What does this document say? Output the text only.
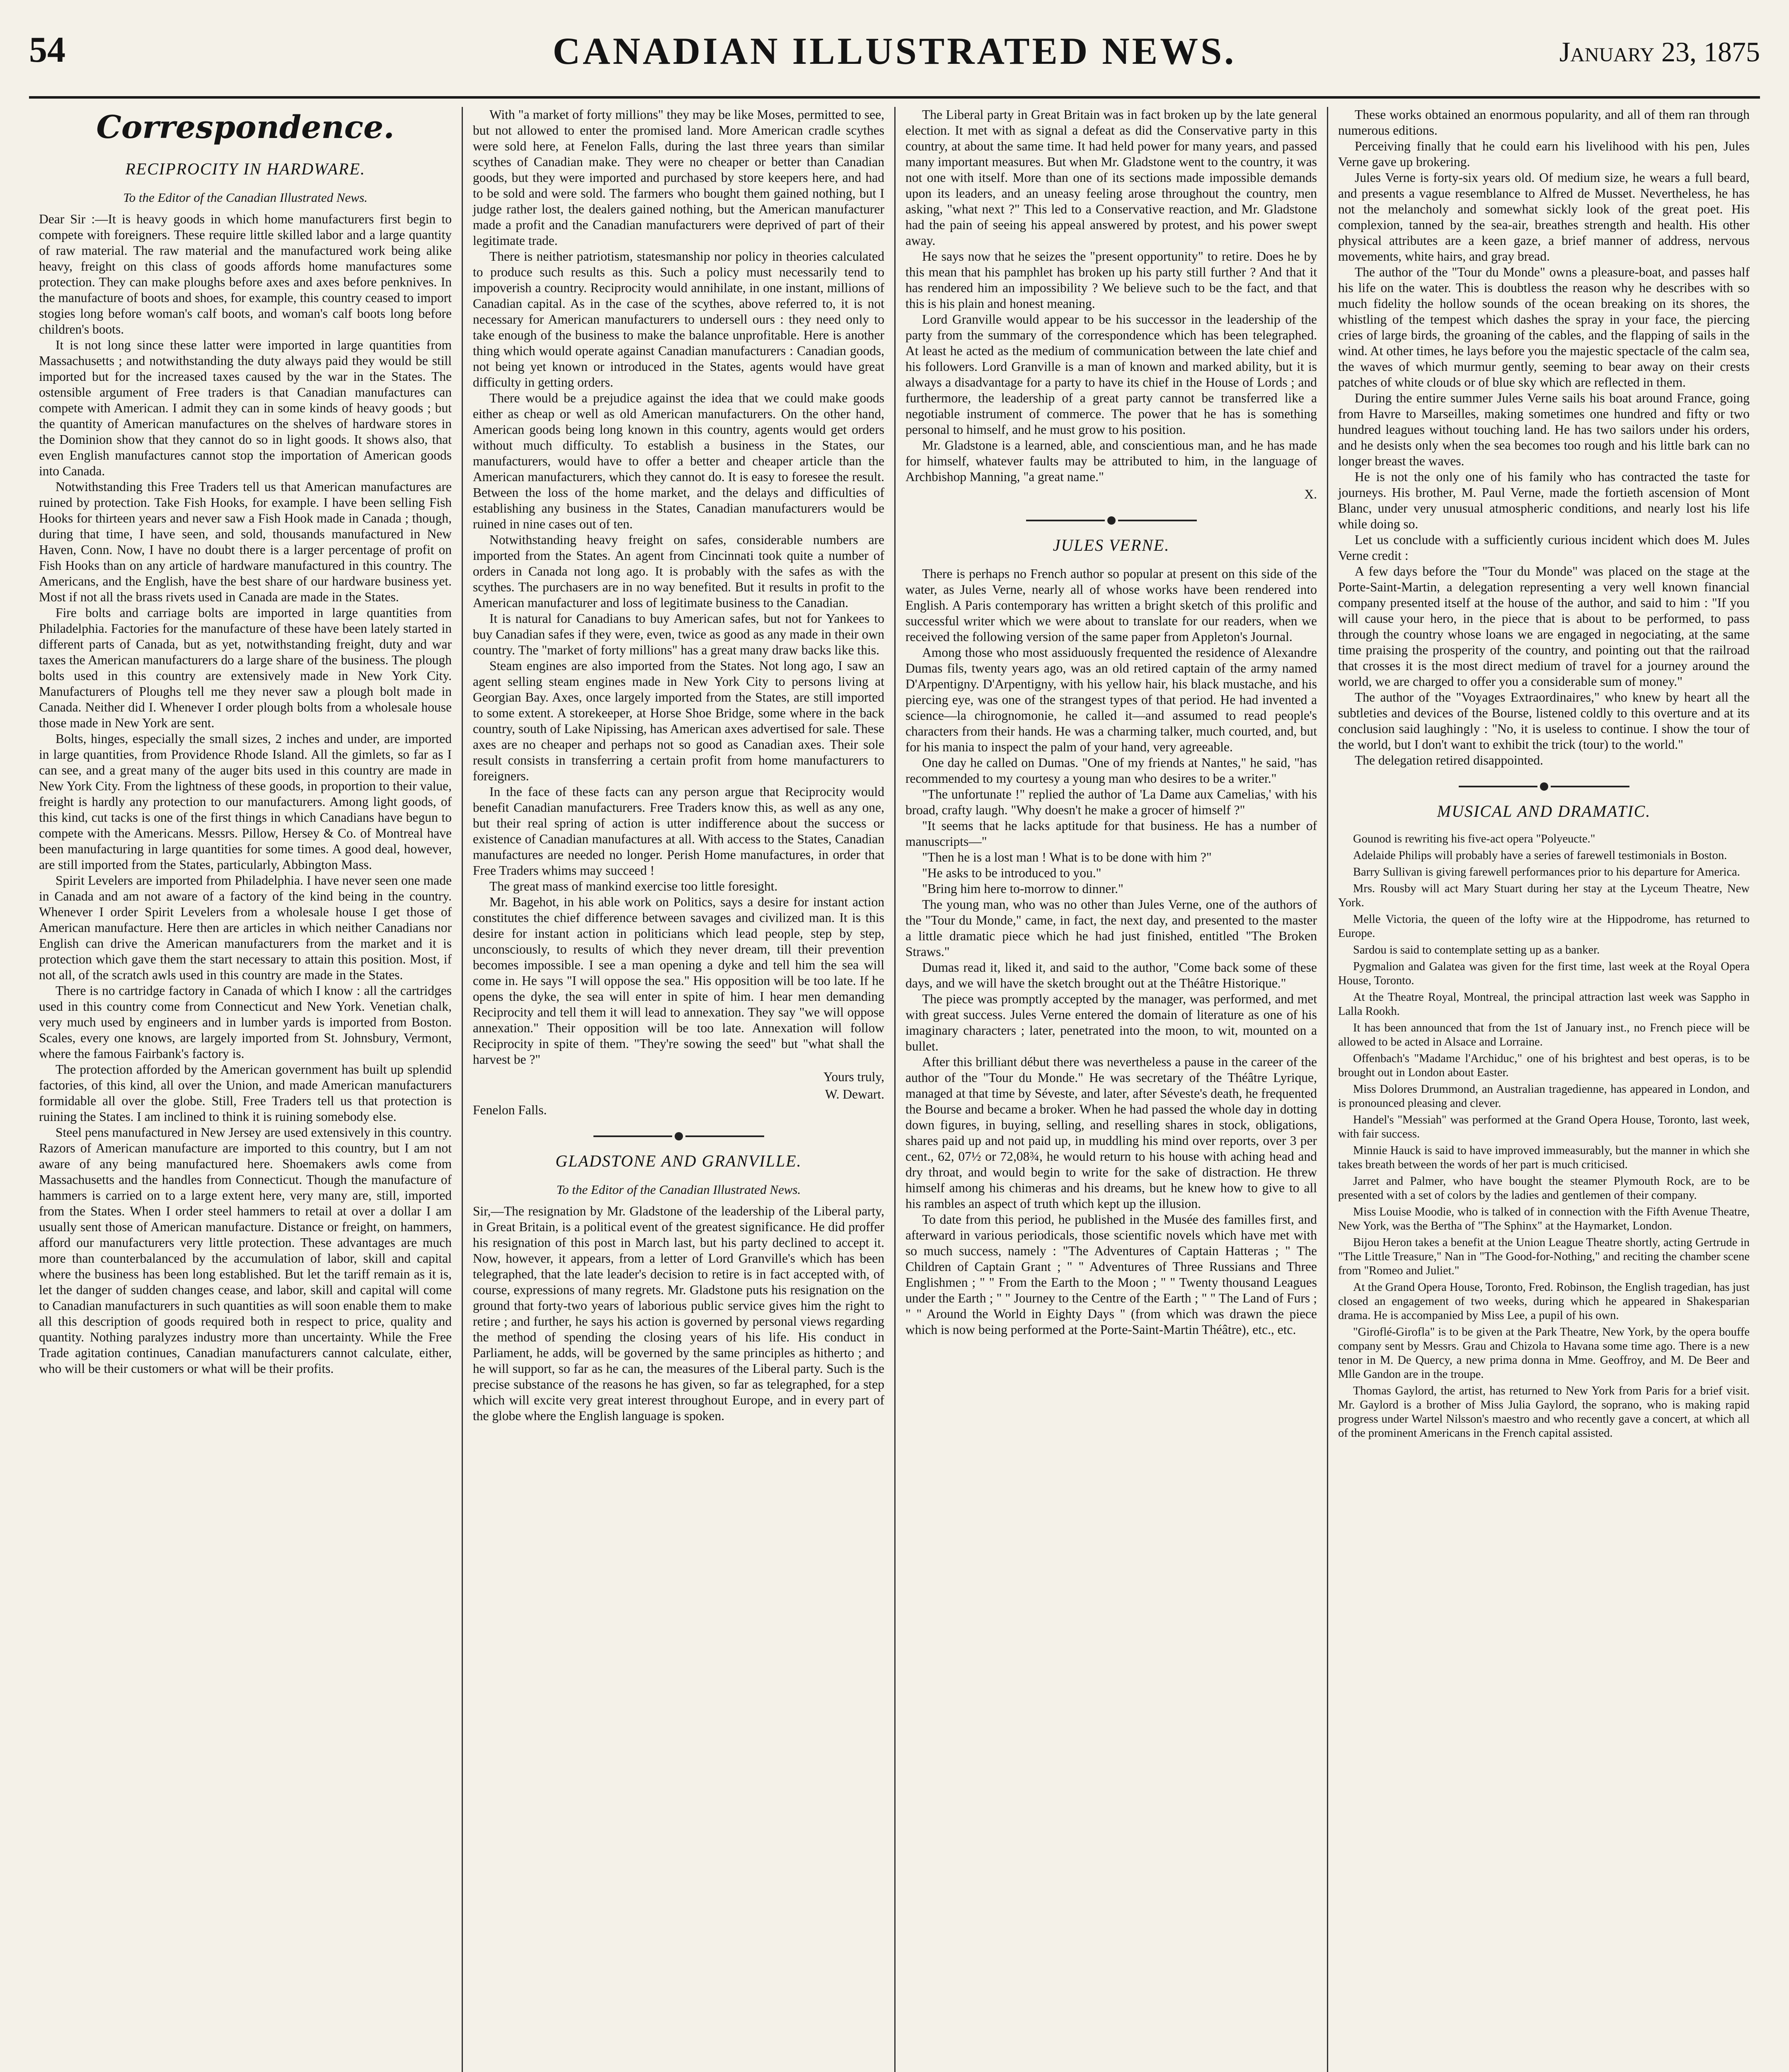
54	CANADIAN ILLUSTRATED NEWS.	January 23, 1875
Correspondence.
RECIPROCITY IN HARDWARE.
To the Editor of the Canadian Illustrated News.

Dear Sir :—It is heavy goods in which home manufacturers first begin to compete with foreigners. These require little skilled labor and a large quantity of raw material. The raw material and the manufactured work being alike heavy, freight on this class of goods affords home manufactures some protection. They can make ploughs before axes and axes before penknives. In the manufacture of boots and shoes, for example, this country ceased to import stogies long before woman's calf boots, and woman's calf boots long before children's boots.

It is not long since these latter were imported in large quantities from Massachusetts ; and notwithstanding the duty always paid they would be still imported but for the increased taxes caused by the war in the States. The ostensible argument of Free traders is that Canadian manufactures can compete with American. I admit they can in some kinds of heavy goods ; but the quantity of American manufactures on the shelves of hardware stores in the Dominion show that they cannot do so in light goods. It shows also, that even English manufactures cannot stop the importation of American goods into Canada.

Notwithstanding this Free Traders tell us that American manufactures are ruined by protection. Take Fish Hooks, for example. I have been selling Fish Hooks for thirteen years and never saw a Fish Hook made in Canada ; though, during that time, I have seen, and sold, thousands manufactured in New Haven, Conn. Now, I have no doubt there is a larger percentage of profit on Fish Hooks than on any article of hardware manufactured in this country. The Americans, and the English, have the best share of our hardware business yet. Most if not all the brass rivets used in Canada are made in the States.

Fire bolts and carriage bolts are imported in large quantities from Philadelphia. Factories for the manufacture of these have been lately started in different parts of Canada, but as yet, notwithstanding freight, duty and war taxes the American manufacturers do a large share of the business. The plough bolts used in this country are extensively made in New York City. Manufacturers of Ploughs tell me they never saw a plough bolt made in Canada. Neither did I. Whenever I order plough bolts from a wholesale house those made in New York are sent.

Bolts, hinges, especially the small sizes, 2 inches and under, are imported in large quantities, from Providence Rhode Island. All the gimlets, so far as I can see, and a great many of the auger bits used in this country are made in New York City. From the lightness of these goods, in proportion to their value, freight is hardly any protection to our manufacturers. Among light goods, of this kind, cut tacks is one of the first things in which Canadians have begun to compete with the Americans. Messrs. Pillow, Hersey & Co. of Montreal have been manufacturing in large quantities for some times. A good deal, however, are still imported from the States, particularly, Abbington Mass.

Spirit Levelers are imported from Philadelphia. I have never seen one made in Canada and am not aware of a factory of the kind being in the country. Whenever I order Spirit Levelers from a wholesale house I get those of American manufacture. Here then are articles in which neither Canadians nor English can drive the American manufacturers from the market and it is protection which gave them the start necessary to attain this position. Most, if not all, of the scratch awls used in this country are made in the States.

There is no cartridge factory in Canada of which I know : all the cartridges used in this country come from Connecticut and New York. Venetian chalk, very much used by engineers and in lumber yards is imported from Boston. Scales, every one knows, are largely imported from St. Johnsbury, Vermont, where the famous Fairbank's factory is.

The protection afforded by the American government has built up splendid factories, of this kind, all over the Union, and made American manufacturers formidable all over the globe. Still, Free Traders tell us that protection is ruining the States. I am inclined to think it is ruining somebody else.

Steel pens manufactured in New Jersey are used extensively in this country. Razors of American manufacture are imported to this country, but I am not aware of any being manufactured here. Shoemakers awls come from Massachusetts and the handles from Connecticut. Though the manufacture of hammers is carried on to a large extent here, very many are, still, imported from the States. When I order steel hammers to retail at over a dollar I am usually sent those of American manufacture. Distance or freight, on hammers, afford our manufacturers very little protection. These advantages are much more than counterbalanced by the accumulation of labor, skill and capital where the business has been long established. But let the tariff remain as it is, let the danger of sudden changes cease, and labor, skill and capital will come to Canadian manufacturers in such quantities as will soon enable them to make all this description of goods required both in respect to price, quality and quantity. Nothing paralyzes industry more than uncertainty. While the Free Trade agitation continues, Canadian manufacturers cannot calculate, either, who will be their customers or what will be their profits.

With "a market of forty millions" they may be like Moses, permitted to see, but not allowed to enter the promised land. More American cradle scythes were sold here, at Fenelon Falls, during the last three years than similar scythes of Canadian make. They were no cheaper or better than Canadian goods, but they were imported and purchased by store keepers here, and had to be sold and were sold. The farmers who bought them gained nothing, but I judge rather lost, the dealers gained nothing, but the American manufacturer made a profit and the Canadian manufacturers were deprived of part of their legitimate trade.

There is neither patriotism, statesmanship nor policy in theories calculated to produce such results as this. Such a policy must necessarily tend to impoverish a country. Reciprocity would annihilate, in one instant, millions of Canadian capital. As in the case of the scythes, above referred to, it is not necessary for American manufacturers to undersell ours : they need only to take enough of the business to make the balance unprofitable. Here is another thing which would operate against Canadian manufacturers : Canadian goods, not being yet known or introduced in the States, agents would have great difficulty in getting orders.

There would be a prejudice against the idea that we could make goods either as cheap or well as old American manufacturers. On the other hand, American goods being long known in this country, agents would get orders without much difficulty. To establish a business in the States, our manufacturers, would have to offer a better and cheaper article than the American manufacturers, which they cannot do. It is easy to foresee the result. Between the loss of the home market, and the delays and difficulties of establishing any business in the States, Canadian manufacturers would be ruined in nine cases out of ten.

Notwithstanding heavy freight on safes, considerable numbers are imported from the States. An agent from Cincinnati took quite a number of orders in Canada not long ago. It is probably with the safes as with the scythes. The purchasers are in no way benefited. But it results in profit to the American manufacturer and loss of legitimate business to the Canadian.

It is natural for Canadians to buy American safes, but not for Yankees to buy Canadian safes if they were, even, twice as good as any made in their own country. The "market of forty millions" has a great many draw backs like this.

Steam engines are also imported from the States. Not long ago, I saw an agent selling steam engines made in New York City to persons living at Georgian Bay. Axes, once largely imported from the States, are still imported to some extent. A storekeeper, at Horse Shoe Bridge, some where in the back country, south of Lake Nipissing, has American axes advertised for sale. These axes are no cheaper and perhaps not so good as Canadian axes. Their sole result consists in transferring a certain profit from home manufacturers to foreigners.

In the face of these facts can any person argue that Reciprocity would benefit Canadian manufacturers. Free Traders know this, as well as any one, but their real spring of action is utter indifference about the success or existence of Canadian manufactures at all. With access to the States, Canadian manufactures are needed no longer. Perish Home manufactures, in order that Free Traders whims may succeed !

The great mass of mankind exercise too little foresight.

Mr. Bagehot, in his able work on Politics, says a desire for instant action constitutes the chief difference between savages and civilized man. It is this desire for instant action in politicians which lead people, step by step, unconsciously, to results of which they never dream, till their prevention becomes impossible. I see a man opening a dyke and tell him the sea will come in. He says "I will oppose the sea." His opposition will be too late. If he opens the dyke, the sea will enter in spite of him. I hear men demanding Reciprocity and tell them it will lead to annexation. They say "we will oppose annexation." Their opposition will be too late. Annexation will follow Reciprocity in spite of them. "They're sowing the seed" but "what shall the harvest be ?"

Yours truly,

W. Dewart.

Fenelon Falls.

GLADSTONE AND GRANVILLE.
To the Editor of the Canadian Illustrated News.

Sir,—The resignation by Mr. Gladstone of the leadership of the Liberal party, in Great Britain, is a political event of the greatest significance. He did proffer his resignation of this post in March last, but his party declined to accept it. Now, however, it appears, from a letter of Lord Granville's which has been telegraphed, that the late leader's decision to retire is in fact accepted with, of course, expressions of many regrets. Mr. Gladstone puts his resignation on the ground that forty-two years of laborious public service gives him the right to retire ; and further, he says his action is governed by personal views regarding the method of spending the closing years of his life. His conduct in Parliament, he adds, will be governed by the same principles as hitherto ; and he will support, so far as he can, the measures of the Liberal party. Such is the precise substance of the reasons he has given, so far as telegraphed, for a step which will excite very great interest throughout Europe, and in every part of the globe where the English language is spoken.

The Liberal party in Great Britain was in fact broken up by the late general election. It met with as signal a defeat as did the Conservative party in this country, at about the same time. It had held power for many years, and passed many important measures. But when Mr. Gladstone went to the country, it was not one with itself. More than one of its sections made impossible demands upon its leaders, and an uneasy feeling arose throughout the country, men asking, "what next ?" This led to a Conservative reaction, and Mr. Gladstone had the pain of seeing his appeal answered by protest, and his power swept away.

He says now that he seizes the "present opportunity" to retire. Does he by this mean that his pamphlet has broken up his party still further ? And that it has rendered him an impossibility ? We believe such to be the fact, and that this is his plain and honest meaning.

Lord Granville would appear to be his successor in the leadership of the party from the summary of the correspondence which has been telegraphed. At least he acted as the medium of communication between the late chief and his followers. Lord Granville is a man of known and marked ability, but it is always a disadvantage for a party to have its chief in the House of Lords ; and furthermore, the leadership of a great party cannot be transferred like a negotiable instrument of commerce. The power that he has is something personal to himself, and he must grow to his position.

Mr. Gladstone is a learned, able, and conscientious man, and he has made for himself, whatever faults may be attributed to him, in the language of Archbishop Manning, "a great name."

X.

JULES VERNE.

There is perhaps no French author so popular at present on this side of the water, as Jules Verne, nearly all of whose works have been rendered into English. A Paris contemporary has written a bright sketch of this prolific and successful writer which we were about to translate for our readers, when we received the following version of the same paper from Appleton's Journal.

Among those who most assiduously frequented the residence of Alexandre Dumas fils, twenty years ago, was an old retired captain of the army named D'Arpentigny. D'Arpentigny, with his yellow hair, his black mustache, and his piercing eye, was one of the strangest types of that period. He had invented a science—la chirognomonie, he called it—and assumed to read people's characters from their hands. He was a charming talker, much courted, and, but for his mania to inspect the palm of your hand, very agreeable.

One day he called on Dumas. "One of my friends at Nantes," he said, "has recommended to my courtesy a young man who desires to be a writer."

"The unfortunate !" replied the author of 'La Dame aux Camelias,' with his broad, crafty laugh. "Why doesn't he make a grocer of himself ?"

"It seems that he lacks aptitude for that business. He has a number of manuscripts—"

"Then he is a lost man ! What is to be done with him ?"

"He asks to be introduced to you."

"Bring him here to-morrow to dinner."

The young man, who was no other than Jules Verne, one of the authors of the "Tour du Monde," came, in fact, the next day, and presented to the master a little dramatic piece which he had just finished, entitled "The Broken Straws."

Dumas read it, liked it, and said to the author, "Come back some of these days, and we will have the sketch brought out at the Théâtre Historique."

The piece was promptly accepted by the manager, was performed, and met with great success. Jules Verne entered the domain of literature as one of his imaginary characters ; later, penetrated into the moon, to wit, mounted on a bullet.

After this brilliant début there was nevertheless a pause in the career of the author of the "Tour du Monde." He was secretary of the Théâtre Lyrique, managed at that time by Séveste, and later, after Séveste's death, he frequented the Bourse and became a broker. When he had passed the whole day in dotting down figures, in buying, selling, and reselling shares in stock, obligations, shares paid up and not paid up, in muddling his mind over reports, over 3 per cent., 62, 07½ or 72,08¾, he would return to his house with aching head and dry throat, and would begin to write for the sake of distraction. He threw himself among his chimeras and his dreams, but he knew how to give to all his rambles an aspect of truth which kept up the illusion.

To date from this period, he published in the Musée des familles first, and afterward in various periodicals, those scientific novels which have met with so much success, namely : "The Adventures of Captain Hatteras ; " The Children of Captain Grant ; " " Adventures of Three Russians and Three Englishmen ; " " From the Earth to the Moon ; " " Twenty thousand Leagues under the Earth ; " " Journey to the Centre of the Earth ; " " The Land of Furs ; " " Around the World in Eighty Days " (from which was drawn the piece which is now being performed at the Porte-Saint-Martin Théâtre), etc., etc.

These works obtained an enormous popularity, and all of them ran through numerous editions.

Perceiving finally that he could earn his livelihood with his pen, Jules Verne gave up brokering.

Jules Verne is forty-six years old. Of medium size, he wears a full beard, and presents a vague resemblance to Alfred de Musset. Nevertheless, he has not the melancholy and somewhat sickly look of the great poet. His complexion, tanned by the sea-air, breathes strength and health. His other physical attributes are a keen gaze, a brief manner of address, nervous movements, white hairs, and gray bread.

The author of the "Tour du Monde" owns a pleasure-boat, and passes half his life on the water. This is doubtless the reason why he describes with so much fidelity the hollow sounds of the ocean breaking on its shores, the whistling of the tempest which dashes the spray in your face, the piercing cries of large birds, the groaning of the cables, and the flapping of sails in the wind. At other times, he lays before you the majestic spectacle of the calm sea, the waves of which murmur gently, seeming to bear away on their crests patches of white clouds or of blue sky which are reflected in them.

During the entire summer Jules Verne sails his boat around France, going from Havre to Marseilles, making sometimes one hundred and fifty or two hundred leagues without touching land. He has two sailors under his orders, and he desists only when the sea becomes too rough and his little bark can no longer breast the waves.

He is not the only one of his family who has contracted the taste for journeys. His brother, M. Paul Verne, made the fortieth ascension of Mont Blanc, under very unusual atmospheric conditions, and nearly lost his life while doing so.

Let us conclude with a sufficiently curious incident which does M. Jules Verne credit :

A few days before the "Tour du Monde" was placed on the stage at the Porte-Saint-Martin, a delegation representing a very well known financial company presented itself at the house of the author, and said to him : "If you will cause your hero, in the piece that is about to be performed, to pass through the country whose loans we are engaged in negociating, at the same time praising the prosperity of the country, and pointing out that the railroad that crosses it is the most direct medium of travel for a journey around the world, we are charged to offer you a considerable sum of money."

The author of the "Voyages Extraordinaires," who knew by heart all the subtleties and devices of the Bourse, listened coldly to this overture and at its conclusion said laughingly : "No, it is useless to continue. I show the tour of the world, but I don't want to exhibit the trick (tour) to the world."

The delegation retired disappointed.

MUSICAL AND DRAMATIC.

Gounod is rewriting his five-act opera "Polyeucte."

Adelaide Philips will probably have a series of farewell testimonials in Boston.

Barry Sullivan is giving farewell performances prior to his departure for America.

Mrs. Rousby will act Mary Stuart during her stay at the Lyceum Theatre, New York.

Melle Victoria, the queen of the lofty wire at the Hippodrome, has returned to Europe.

Sardou is said to contemplate setting up as a banker.

Pygmalion and Galatea was given for the first time, last week at the Royal Opera House, Toronto.

At the Theatre Royal, Montreal, the principal attraction last week was Sappho in Lalla Rookh.

It has been announced that from the 1st of January inst., no French piece will be allowed to be acted in Alsace and Lorraine.

Offenbach's "Madame l'Archiduc," one of his brightest and best operas, is to be brought out in London about Easter.

Miss Dolores Drummond, an Australian tragedienne, has appeared in London, and is pronounced pleasing and clever.

Handel's "Messiah" was performed at the Grand Opera House, Toronto, last week, with fair success.

Minnie Hauck is said to have improved immeasurably, but the manner in which she takes breath between the words of her part is much criticised.

Jarret and Palmer, who have bought the steamer Plymouth Rock, are to be presented with a set of colors by the ladies and gentlemen of their company.

Miss Louise Moodie, who is talked of in connection with the Fifth Avenue Theatre, New York, was the Bertha of "The Sphinx" at the Haymarket, London.

Bijou Heron takes a benefit at the Union League Theatre shortly, acting Gertrude in "The Little Treasure," Nan in "The Good-for-Nothing," and reciting the chamber scene from "Romeo and Juliet."

At the Grand Opera House, Toronto, Fred. Robinson, the English tragedian, has just closed an engagement of two weeks, during which he appeared in Shakesparian drama. He is accompanied by Miss Lee, a pupil of his own.

"Giroflé-Girofla" is to be given at the Park Theatre, New York, by the opera bouffe company sent by Messrs. Grau and Chizola to Havana some time ago. There is a new tenor in M. De Quercy, a new prima donna in Mme. Geoffroy, and M. De Beer and Mlle Gandon are in the troupe.

Thomas Gaylord, the artist, has returned to New York from Paris for a brief visit. Mr. Gaylord is a brother of Miss Julia Gaylord, the soprano, who is making rapid progress under Wartel Nilsson's maestro and who recently gave a concert, at which all of the prominent Americans in the French capital assisted.
